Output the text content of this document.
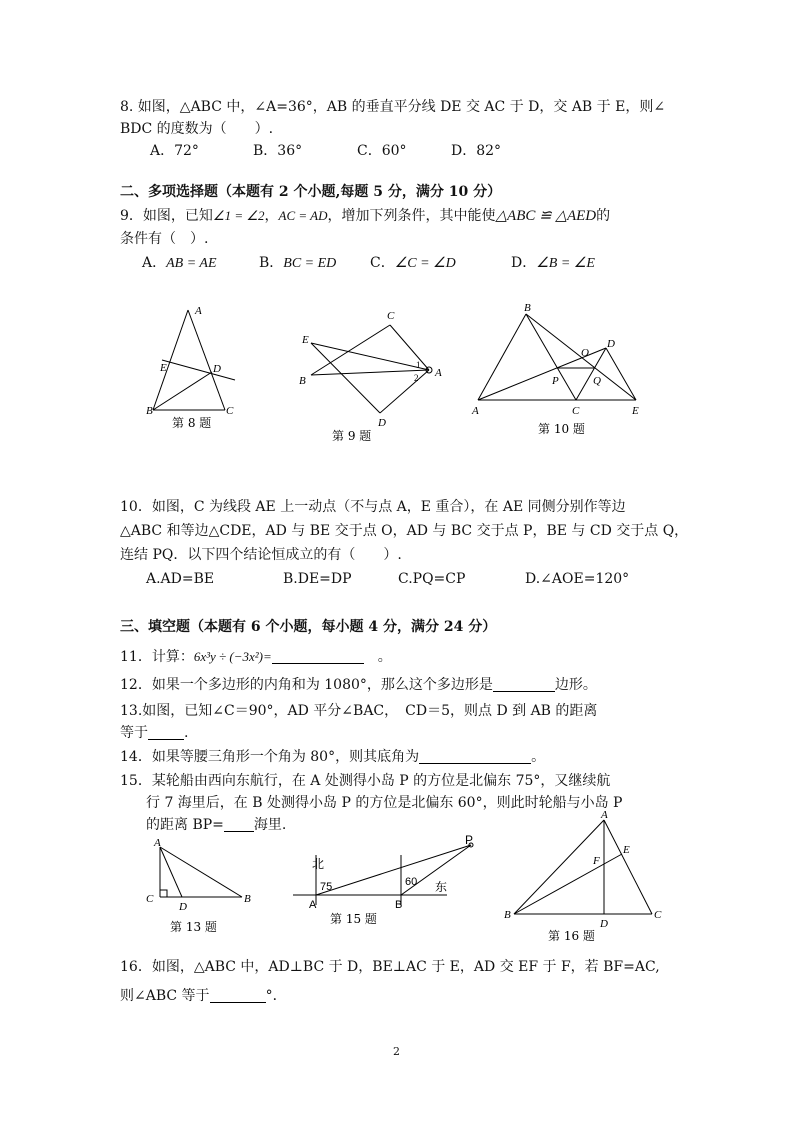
8. 如图，△ABC 中，∠A=36°，AB 的垂直平分线 DE 交 AC 于 D，交 AB 于 E，则∠
BDC 的度数为（　　）.
A．72°	B．36°	C．60°	D．82°
二、多项选择题（本题有 2 个小题,每题 5 分，满分 10 分）
9．如图，已知∠1 = ∠2，AC = AD，增加下列条件，其中能使△ABC ≌ △AED的
条件有（　）.
A．AB = AE	B．BC = ED C．∠C = ∠D	D．∠B = ∠E
A
E	D
B	C
第 8 题
C
E
B
1
2 A
D
第 9 题
B
O
D
P	Q
A	C	E
第 10 题
10．如图，C 为线段 AE 上一动点（不与点 A，E 重合），在 AE 同侧分别作等边
△ABC 和等边△CDE，AD 与 BE 交于点 O，AD 与 BC 交于点 P，BE 与 CD 交于点 Q，
连结 PQ．以下四个结论恒成立的有（　　）.
A.AD=BE	B.DE=DP	C.PQ=CP	D.∠AOE=120°
三、填空题（本题有 6 个小题，每小题 4 分，满分 24 分）
11．计算：6x³y ÷ (−3x²)=	。
12．如果一个多边形的内角和为 1080°，那么这个多边形是	边形。
13.如图，已知∠C＝90°，AD 平分∠BAC，　CD＝5，则点 D 到 AB 的距离
等于	.
14．如果等腰三角形一个角为 80°，则其底角为	。
15．某轮船由西向东航行，在 A 处测得小岛 P 的方位是北偏东 75°，又继续航
行 7 海里后，在 B 处测得小岛 P 的方位是北偏东 60°，则此时轮船与小岛 P
的距离 BP= 海里.
A
C
D
B
第 13 题
P
北
75	60
A	B
东
第 15 题
A
E
F
B
D
C
第 16 题
16．如图，△ABC 中，AD⊥BC 于 D，BE⊥AC 于 E，AD 交 EF 于 F，若 BF=AC,
则∠ABC 等于	°．
2
